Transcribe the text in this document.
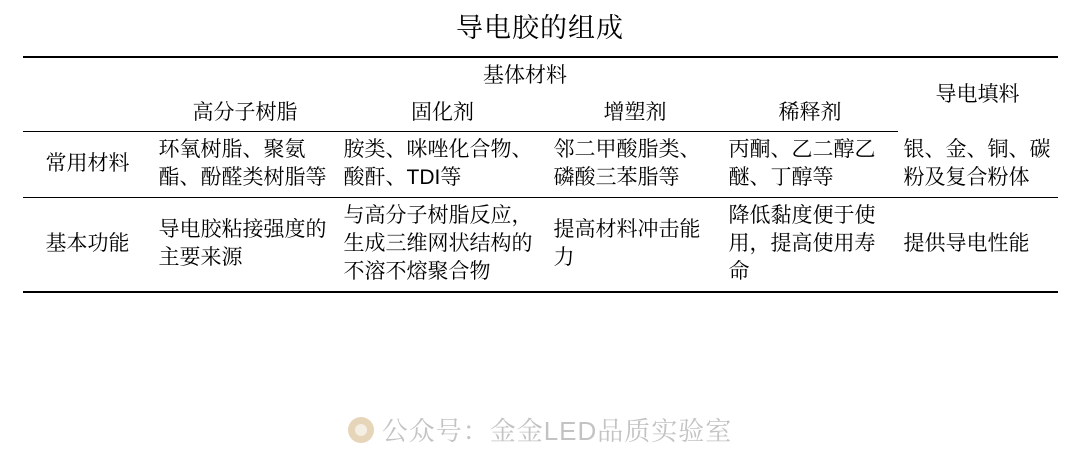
导电胶的组成
	基体材料				导电填料
	高分子树脂	固化剂	增塑剂	稀释剂	
常用材料	环氧树脂、聚氨酯、酚醛类树脂等	胺类、咪唑化合物、酸酐、TDI等	邻二甲酸脂类、磷酸三苯脂等	丙酮、乙二醇乙醚、丁醇等	银、金、铜、碳粉及复合粉体
基本功能	导电胶粘接强度的主要来源	与高分子树脂反应，生成三维网状结构的不溶不熔聚合物	提高材料冲击能力	降低黏度便于使用，提高使用寿命	提供导电性能
公众号：金金LED品质实验室
